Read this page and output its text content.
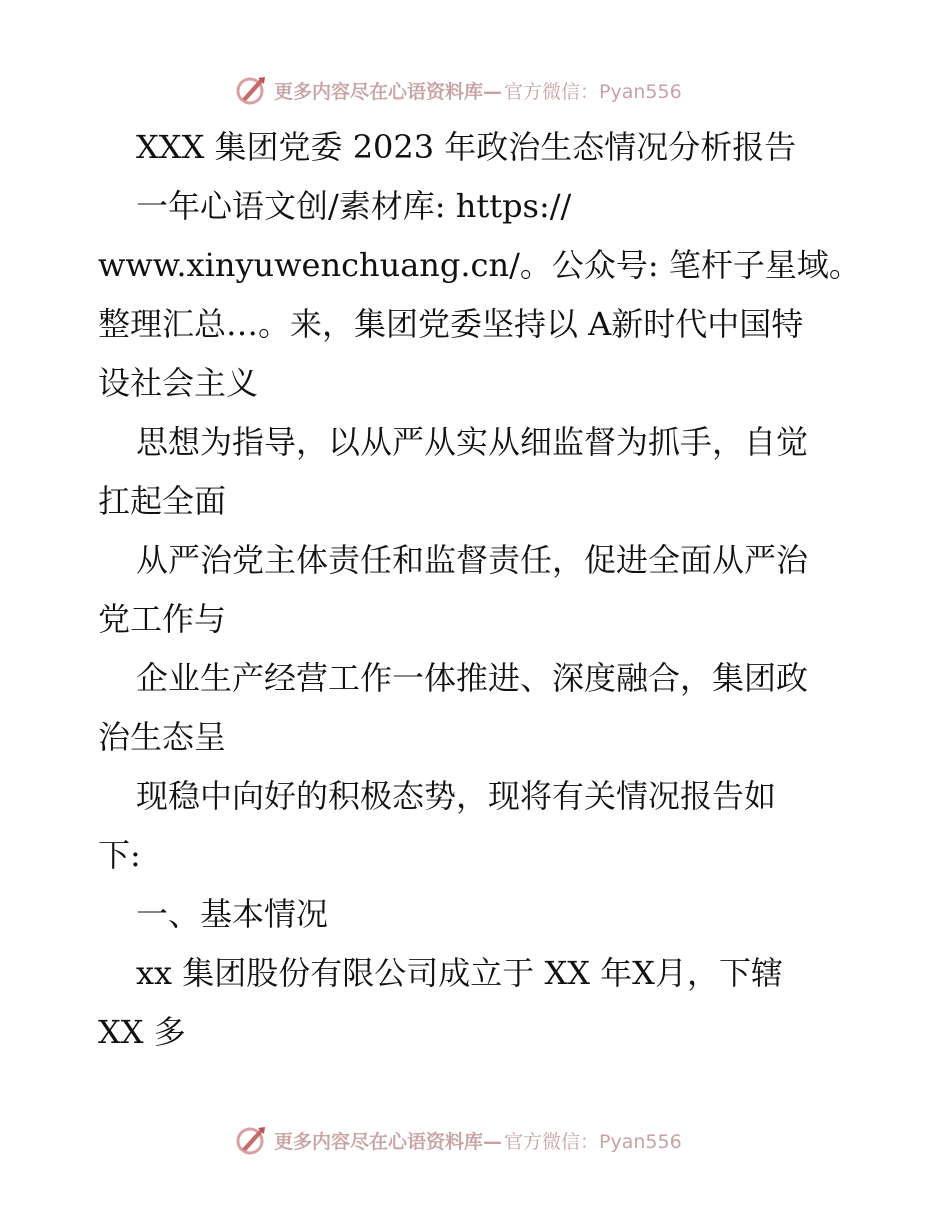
更多内容尽在心语资料库— 官方微信：Pyan556
XXX 集团党委 2023 年政治生态情况分析报告
一年心语文创/素材库: https://
www.xinyuwenchuang.cn/。公众号: 笔杆子星域。
整理汇总…。来，集团党委坚持以 A新时代中国特
设社会主义
思想为指导，以从严从实从细监督为抓手，自觉
扛起全面
从严治党主体责任和监督责任，促进全面从严治
党工作与
企业生产经营工作一体推进、深度融合，集团政
治生态呈
现稳中向好的积极态势，现将有关情况报告如
下:
一、基本情况
xx 集团股份有限公司成立于 XX 年X月，下辖
XX 多
更多内容尽在心语资料库— 官方微信：Pyan556
